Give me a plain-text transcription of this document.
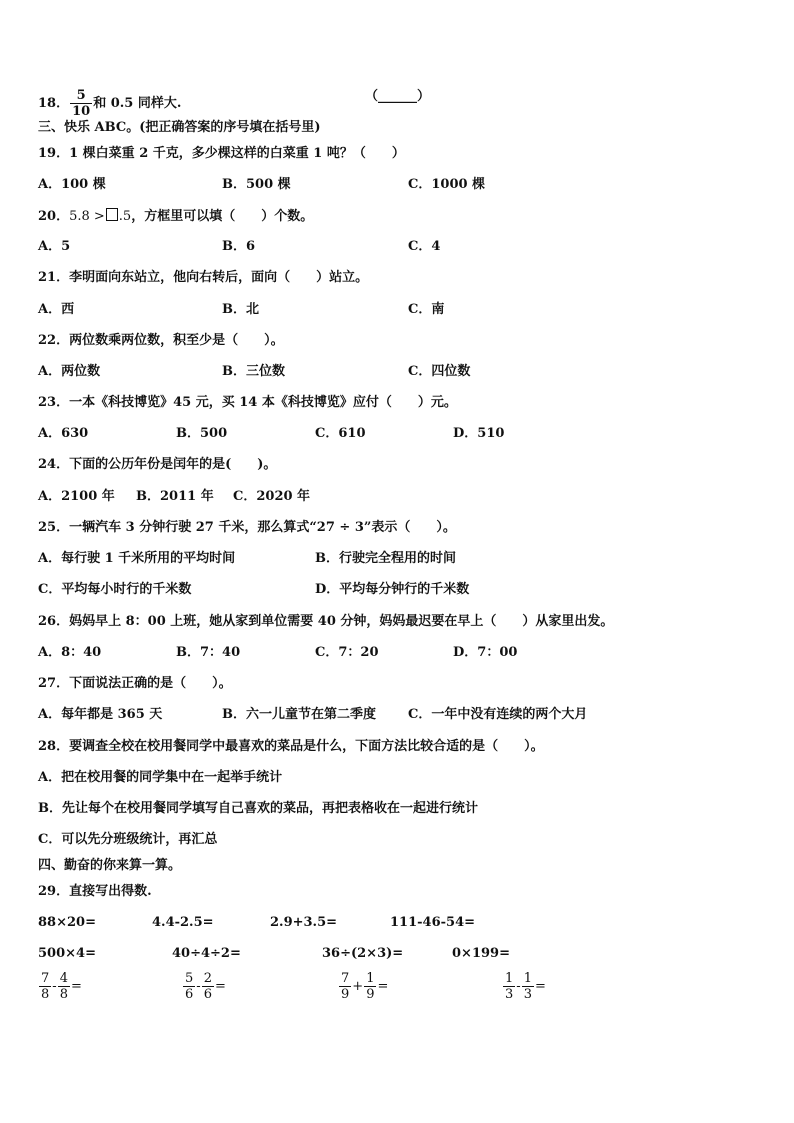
18． $\frac{5}{10}$ 和 0.5 同样大.	（______）
三、快乐 ABC。(把正确答案的序号填在括号里)
19．1 棵白菜重 2 千克，多少棵这样的白菜重 1 吨？（　　）
A．100 棵	B．500 棵	C．1000 棵
20．5.8 > .5，方框里可以填（　　）个数。
A．5	B．6	C．4
21．李明面向东站立，他向右转后，面向（　　）站立。
A．西	B．北	C．南
22．两位数乘两位数，积至少是（　　）。
A．两位数	B．三位数	C．四位数
23．一本《科技博览》45 元，买 14 本《科技博览》应付（　　）元。
A．630	B．500	C．610	D．510
24．下面的公历年份是闰年的是(　　)。
A．2100 年 B．2011 年 C．2020 年
25．一辆汽车 3 分钟行驶 27 千米，那么算式“27 ÷ 3”表示（　　）。
A．每行驶 1 千米所用的平均时间	B．行驶完全程用的时间
C．平均每小时行的千米数	D．平均每分钟行的千米数
26．妈妈早上 8：00 上班，她从家到单位需要 40 分钟，妈妈最迟要在早上（　　）从家里出发。
A．8：40	B．7：40	C．7：20	D．7：00
27．下面说法正确的是（　　）。
A．每年都是 365 天	B．六一儿童节在第二季度 C．一年中没有连续的两个大月
28．要调查全校在校用餐同学中最喜欢的菜品是什么，下面方法比较合适的是（　　）。
A．把在校用餐的同学集中在一起举手统计
B．先让每个在校用餐同学填写自己喜欢的菜品，再把表格收在一起进行统计
C．可以先分班级统计，再汇总
四、勤奋的你来算一算。
29．直接写出得数.
88×20=	4.4-2.5=	2.9+3.5=	111-46-54=
500×4=	40÷4÷2=	36÷(2×3)=	0×199=
$\frac{7}{8} - \frac{4}{8}$ =	$\frac{5}{6} - \frac{2}{6}$ =	$\frac{7}{9} + \frac{1}{9}$ =	$\frac{1}{3} - \frac{1}{3}$ =
